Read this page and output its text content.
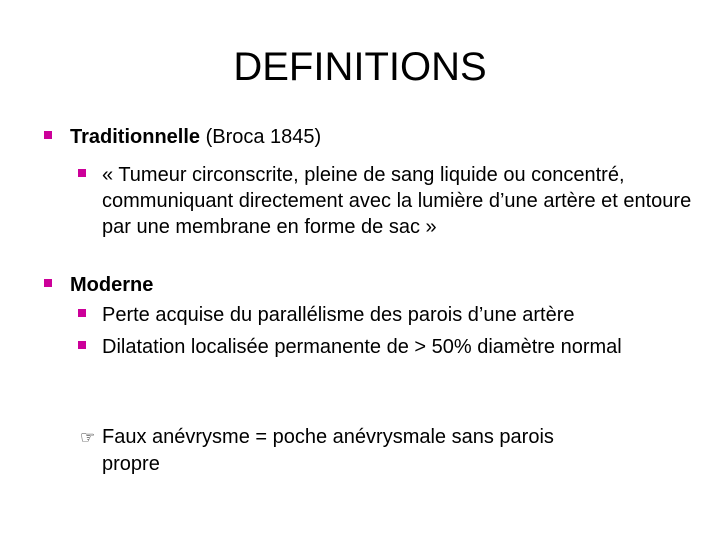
DEFINITIONS
Traditionnelle (Broca 1845)
« Tumeur circonscrite, pleine de sang liquide ou concentré, communiquant directement avec la lumière d’une artère et entoure par une membrane en forme de sac »
Moderne
Perte acquise du parallélisme des parois d’une artère
Dilatation localisée permanente de > 50% diamètre normal
☞ Faux anévrysme = poche anévrysmale sans parois
propre
